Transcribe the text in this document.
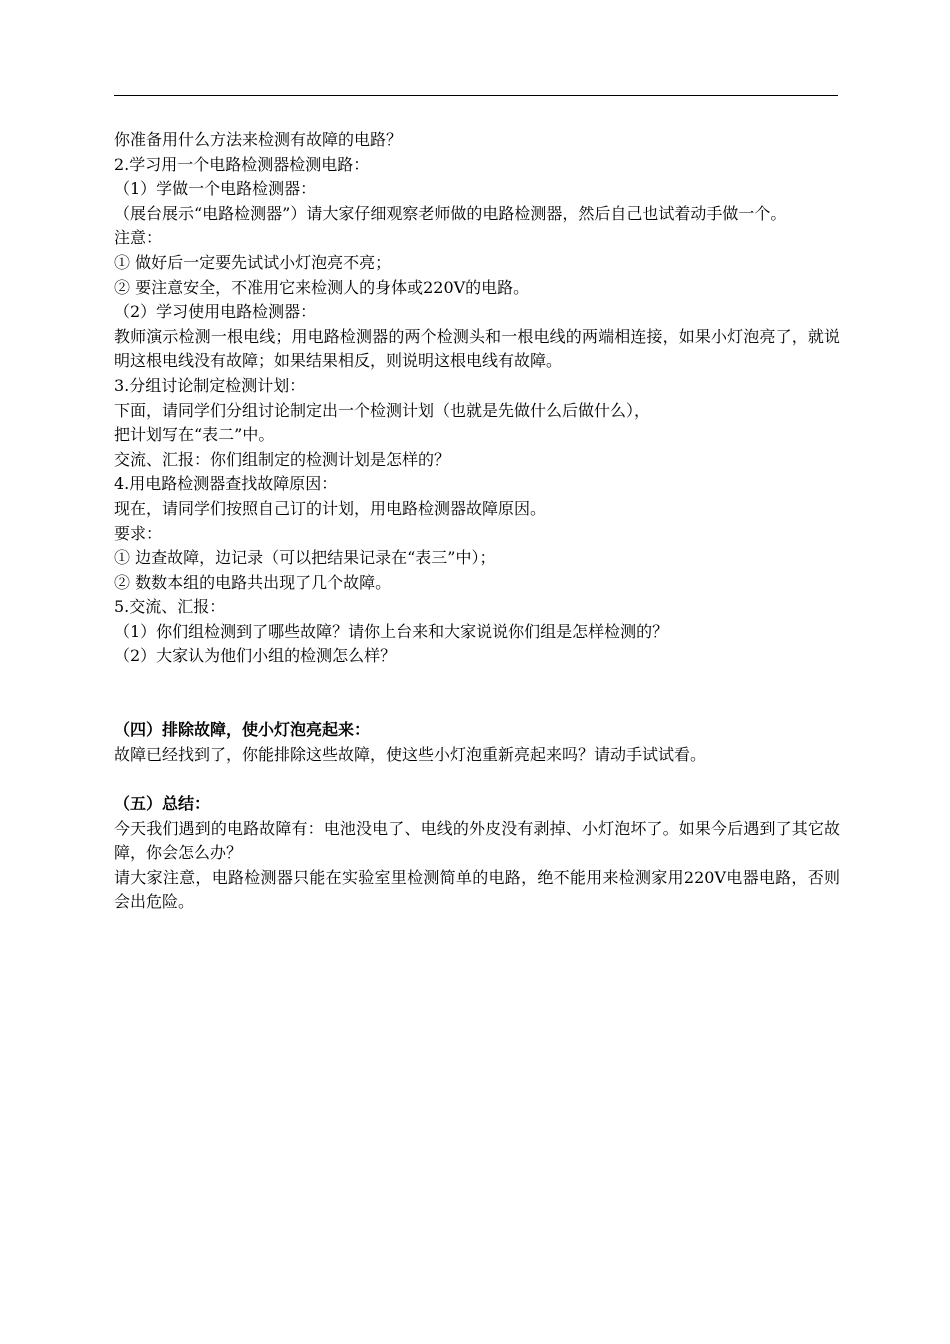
你准备用什么方法来检测有故障的电路？

2.学习用一个电路检测器检测电路：

（1）学做一个电路检测器：

（展台展示“电路检测器”）请大家仔细观察老师做的电路检测器，然后自己也试着动手做一个。

注意：

① 做好后一定要先试试小灯泡亮不亮；

② 要注意安全，不准用它来检测人的身体或220V的电路。

（2）学习使用电路检测器：

教师演示检测一根电线；用电路检测器的两个检测头和一根电线的两端相连接，如果小灯泡亮了，就说明这根电线没有故障；如果结果相反，则说明这根电线有故障。

3.分组讨论制定检测计划：

下面，请同学们分组讨论制定出一个检测计划（也就是先做什么后做什么），

把计划写在“表二”中。

交流、汇报：你们组制定的检测计划是怎样的？

4.用电路检测器查找故障原因：

现在，请同学们按照自己订的计划，用电路检测器故障原因。

要求：

① 边查故障，边记录（可以把结果记录在“表三”中）；

② 数数本组的电路共出现了几个故障。

5.交流、汇报：

（1）你们组检测到了哪些故障？请你上台来和大家说说你们组是怎样检测的？

（2）大家认为他们小组的检测怎么样？

（四）排除故障，使小灯泡亮起来：

故障已经找到了，你能排除这些故障，使这些小灯泡重新亮起来吗？请动手试试看。

（五）总结：

今天我们遇到的电路故障有：电池没电了、电线的外皮没有剥掉、小灯泡坏了。如果今后遇到了其它故障，你会怎么办？

请大家注意，电路检测器只能在实验室里检测简单的电路，绝不能用来检测家用220V电器电路，否则会出危险。
